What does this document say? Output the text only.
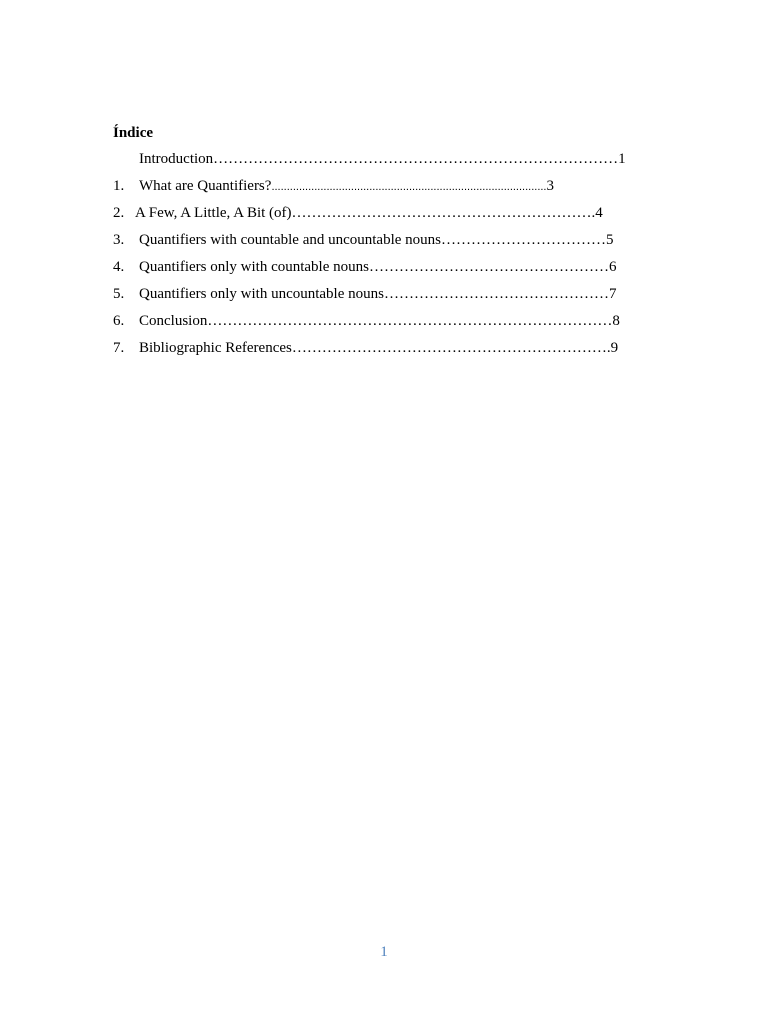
Índice
Introduction………………………………………………………………………1
1. What are Quantifiers?..........................................................................................3
2. A Few, A Little, A Bit (of)…………………………………………………….4
3. Quantifiers with countable and uncountable nouns……………………………5
4. Quantifiers only with countable nouns…………………………………………6
5. Quantifiers only with uncountable nouns………………………………………7
6. Conclusion………………………………………………………………………8
7. Bibliographic References……………………………………………………….9
1
